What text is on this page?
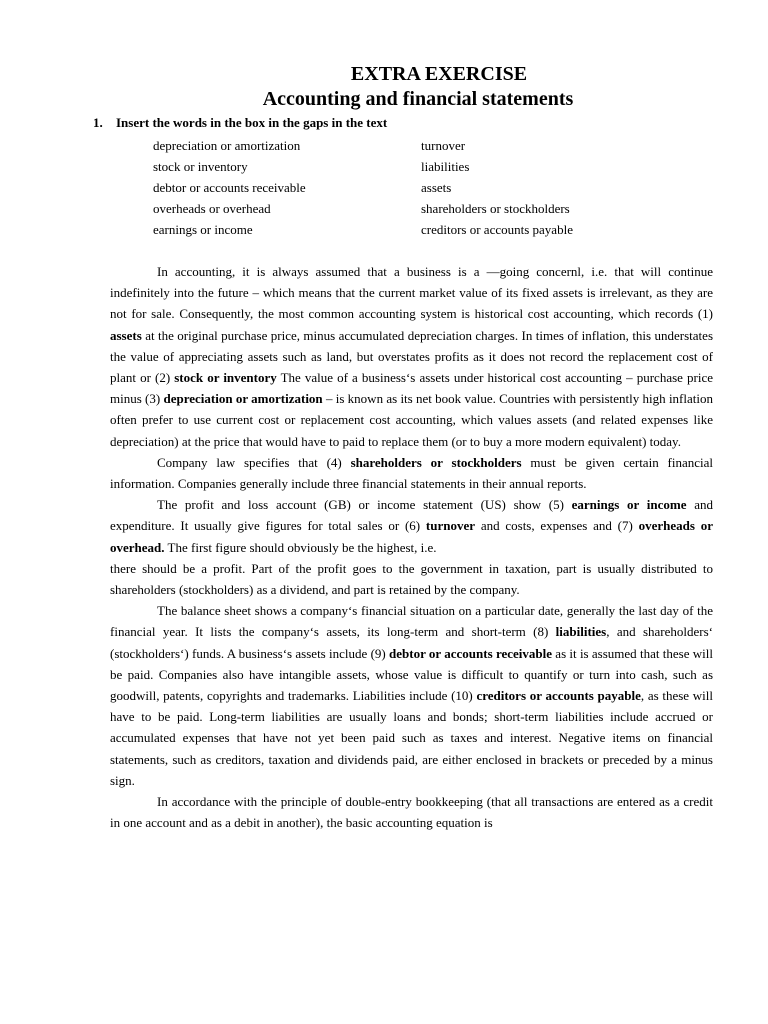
EXTRA EXERCISE
Accounting and financial statements
1. Insert the words in the box in the gaps in the text
depreciation or amortization	turnover
stock or inventory	liabilities
debtor or accounts receivable	assets
overheads or overhead	shareholders or stockholders
earnings or income	creditors or accounts payable

In accounting, it is always assumed that a business is a —going concernl, i.e. that will continue indefinitely into the future – which means that the current market value of its fixed assets is irrelevant, as they are not for sale. Consequently, the most common accounting system is historical cost accounting, which records (1) assets at the original purchase price, minus accumulated depreciation charges. In times of inflation, this understates the value of appreciating assets such as land, but overstates profits as it does not record the replacement cost of plant or (2) stock or inventory The value of a business‘s assets under historical cost accounting – purchase price minus (3) depreciation or amortization – is known as its net book value. Countries with persistently high inflation often prefer to use current cost or replacement cost accounting, which values assets (and related expenses like depreciation) at the price that would have to paid to replace them (or to buy a more modern equivalent) today.

Company law specifies that (4) shareholders or stockholders must be given certain financial information. Companies generally include three financial statements in their annual reports.

The profit and loss account (GB) or income statement (US) show (5) earnings or income and expenditure. It usually give figures for total sales or (6) turnover and costs, expenses and (7) overheads or overhead. The first figure should obviously be the highest, i.e.

there should be a profit. Part of the profit goes to the government in taxation, part is usually distributed to shareholders (stockholders) as a dividend, and part is retained by the company.

The balance sheet shows a company‘s financial situation on a particular date, generally the last day of the financial year. It lists the company‘s assets, its long-term and short-term (8) liabilities, and shareholders‘ (stockholders‘) funds. A business‘s assets include (9) debtor or accounts receivable as it is assumed that these will be paid. Companies also have intangible assets, whose value is difficult to quantify or turn into cash, such as goodwill, patents, copyrights and trademarks. Liabilities include (10) creditors or accounts payable, as these will have to be paid. Long-term liabilities are usually loans and bonds; short-term liabilities include accrued or accumulated expenses that have not yet been paid such as taxes and interest. Negative items on financial statements, such as creditors, taxation and dividends paid, are either enclosed in brackets or preceded by a minus sign.

In accordance with the principle of double-entry bookkeeping (that all transactions are entered as a credit in one account and as a debit in another), the basic accounting equation is
